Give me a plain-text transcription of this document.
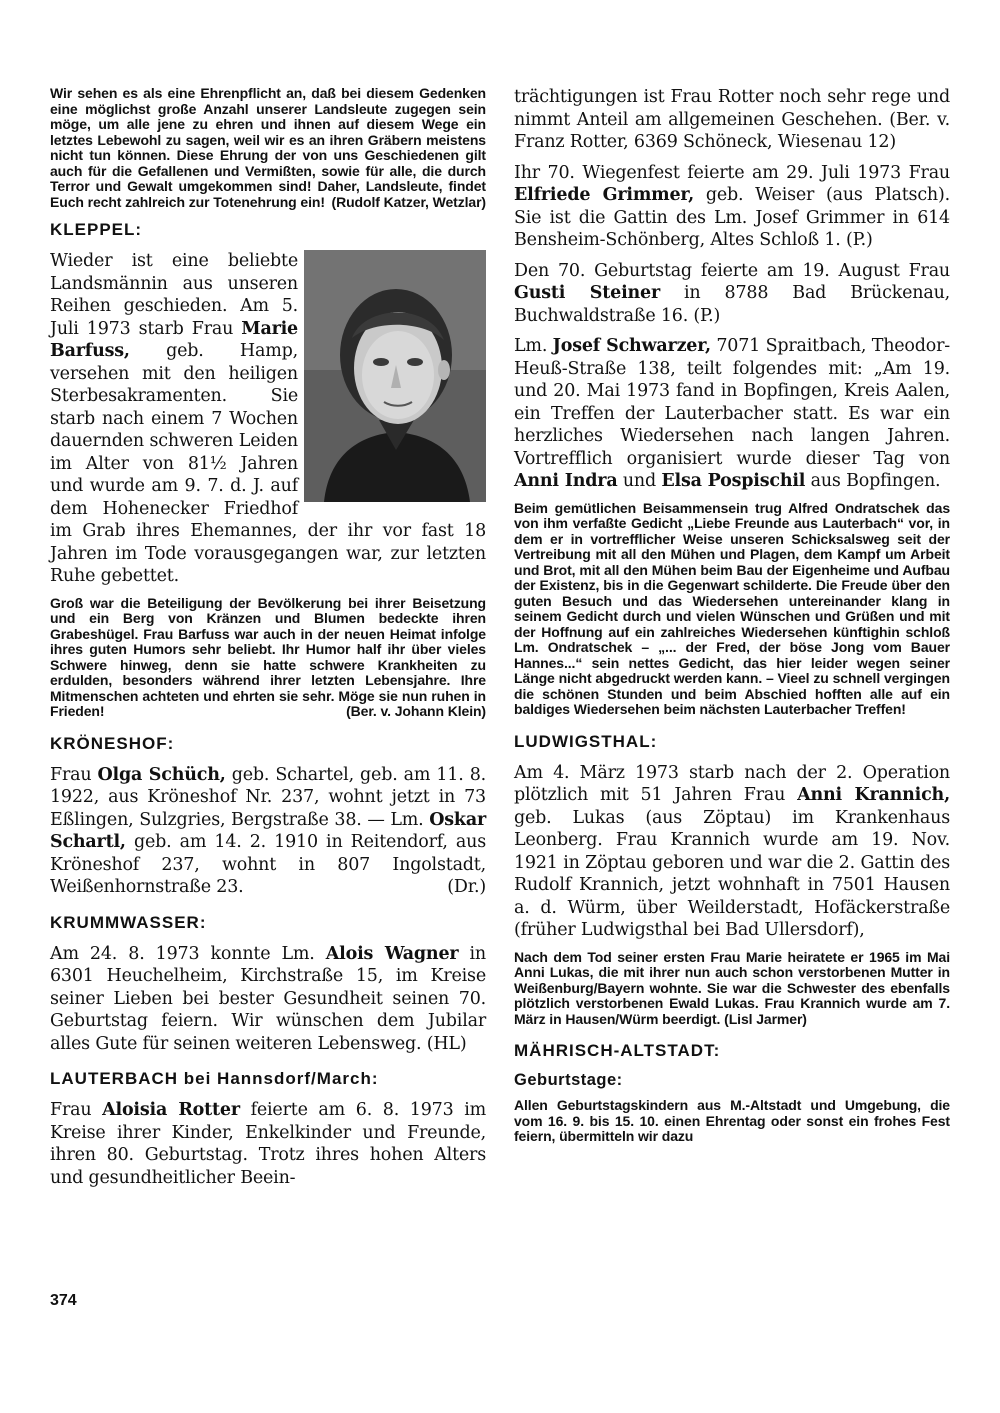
Wir sehen es als eine Ehrenpflicht an, daß bei diesem Gedenken eine möglichst große Anzahl unserer Landsleute zugegen sein möge, um alle jene zu ehren und ihnen auf diesem Wege ein letztes Lebewohl zu sagen, weil wir es an ihren Gräbern meistens nicht tun können. Diese Ehrung der von uns Geschiedenen gilt auch für die Gefallenen und Vermißten, sowie für alle, die durch Terror und Gewalt umgekommen sind! Daher, Landsleute, findet Euch recht zahlreich zur Totenehrung ein! (Rudolf Katzer, Wetzlar)

KLEPPEL:

Wieder ist eine beliebte Landsmännin aus unseren Reihen geschieden. Am 5. Juli 1973 starb Frau Marie Barfuss, geb. Hamp, versehen mit den heiligen Sterbesakramenten. Sie starb nach einem 7 Wochen dauernden schweren Leiden im Alter von 81½ Jahren und wurde am 9. 7. d. J. auf dem Hohenecker Friedhof im Grab ihres Ehemannes, der ihr vor fast 18 Jahren im Tode vorausgegangen war, zur letzten Ruhe gebettet.

Groß war die Beteiligung der Bevölkerung bei ihrer Beisetzung und ein Berg von Kränzen und Blumen bedeckte ihren Grabeshügel. Frau Barfuss war auch in der neuen Heimat infolge ihres guten Humors sehr beliebt. Ihr Humor half ihr über vieles Schwere hinweg, denn sie hatte schwere Krankheiten zu erdulden, besonders während ihrer letzten Lebensjahre. Ihre Mitmenschen achteten und ehrten sie sehr. Möge sie nun ruhen in Frieden!	(Ber. v. Johann Klein)

KRÖNESHOF:

Frau Olga Schüch, geb. Schartel, geb. am 11. 8. 1922, aus Kröneshof Nr. 237, wohnt jetzt in 73 Eßlingen, Sulzgries, Bergstraße 38. — Lm. Oskar Schartl, geb. am 14. 2. 1910 in Reitendorf, aus Kröneshof 237, wohnt in 807 Ingolstadt, Weißenhornstraße 23.	(Dr.)

KRUMMWASSER:

Am 24. 8. 1973 konnte Lm. Alois Wagner in 6301 Heuchelheim, Kirchstraße 15, im Kreise seiner Lieben bei bester Gesundheit seinen 70. Geburtstag feiern. Wir wünschen dem Jubilar alles Gute für seinen weiteren Lebensweg. (HL)

LAUTERBACH bei Hannsdorf/March:

Frau Aloisia Rotter feierte am 6. 8. 1973 im Kreise ihrer Kinder, Enkelkinder und Freunde, ihren 80. Geburtstag. Trotz ihres hohen Alters und gesundheitlicher Beein-

trächtigungen ist Frau Rotter noch sehr rege und nimmt Anteil am allgemeinen Geschehen. (Ber. v. Franz Rotter, 6369 Schöneck, Wiesenau 12)

Ihr 70. Wiegenfest feierte am 29. Juli 1973 Frau Elfriede Grimmer, geb. Weiser (aus Platsch). Sie ist die Gattin des Lm. Josef Grimmer in 614 Bensheim-Schönberg, Altes Schloß 1. (P.)

Den 70. Geburtstag feierte am 19. August Frau Gusti Steiner in 8788 Bad Brückenau, Buchwaldstraße 16. (P.)

Lm. Josef Schwarzer, 7071 Spraitbach, Theodor-Heuß-Straße 138, teilt folgendes mit: „Am 19. und 20. Mai 1973 fand in Bopfingen, Kreis Aalen, ein Treffen der Lauterbacher statt. Es war ein herzliches Wiedersehen nach langen Jahren. Vortrefflich organisiert wurde dieser Tag von Anni Indra und Elsa Pospischil aus Bopfingen.

Beim gemütlichen Beisammensein trug Alfred Ondratschek das von ihm verfaßte Gedicht „Liebe Freunde aus Lauterbach“ vor, in dem er in vortrefflicher Weise unseren Schicksalsweg seit der Vertreibung mit all den Mühen und Plagen, dem Kampf um Arbeit und Brot, mit all den Mühen beim Bau der Eigenheime und Aufbau der Existenz, bis in die Gegenwart schilderte. Die Freude über den guten Besuch und das Wiedersehen untereinander klang in seinem Gedicht durch und vielen Wünschen und Grüßen und mit der Hoffnung auf ein zahlreiches Wiedersehen künftighin schloß Lm. Ondratschek – „... der Fred, der böse Jong vom Bauer Hannes...“ sein nettes Gedicht, das hier leider wegen seiner Länge nicht abgedruckt werden kann. – Vieel zu schnell vergingen die schönen Stunden und beim Abschied hofften alle auf ein baldiges Wiedersehen beim nächsten Lauterbacher Treffen!

LUDWIGSTHAL:

Am 4. März 1973 starb nach der 2. Operation plötzlich mit 51 Jahren Frau Anni Krannich, geb. Lukas (aus Zöptau) im Krankenhaus Leonberg. Frau Krannich wurde am 19. Nov. 1921 in Zöptau geboren und war die 2. Gattin des Rudolf Krannich, jetzt wohnhaft in 7501 Hausen a. d. Würm, über Weilderstadt, Hofäckerstraße (früher Ludwigsthal bei Bad Ullersdorf),

Nach dem Tod seiner ersten Frau Marie heiratete er 1965 im Mai Anni Lukas, die mit ihrer nun auch schon verstorbenen Mutter in Weißenburg/Bayern wohnte. Sie war die Schwester des ebenfalls plötzlich verstorbenen Ewald Lukas. Frau Krannich wurde am 7. März in Hausen/Würm beerdigt. (Lisl Jarmer)

MÄHRISCH-ALTSTADT:
Geburtstage:

Allen Geburtstagskindern aus M.-Altstadt und Umgebung, die vom 16. 9. bis 15. 10. einen Ehrentag oder sonst ein frohes Fest feiern, übermitteln wir dazu

374
